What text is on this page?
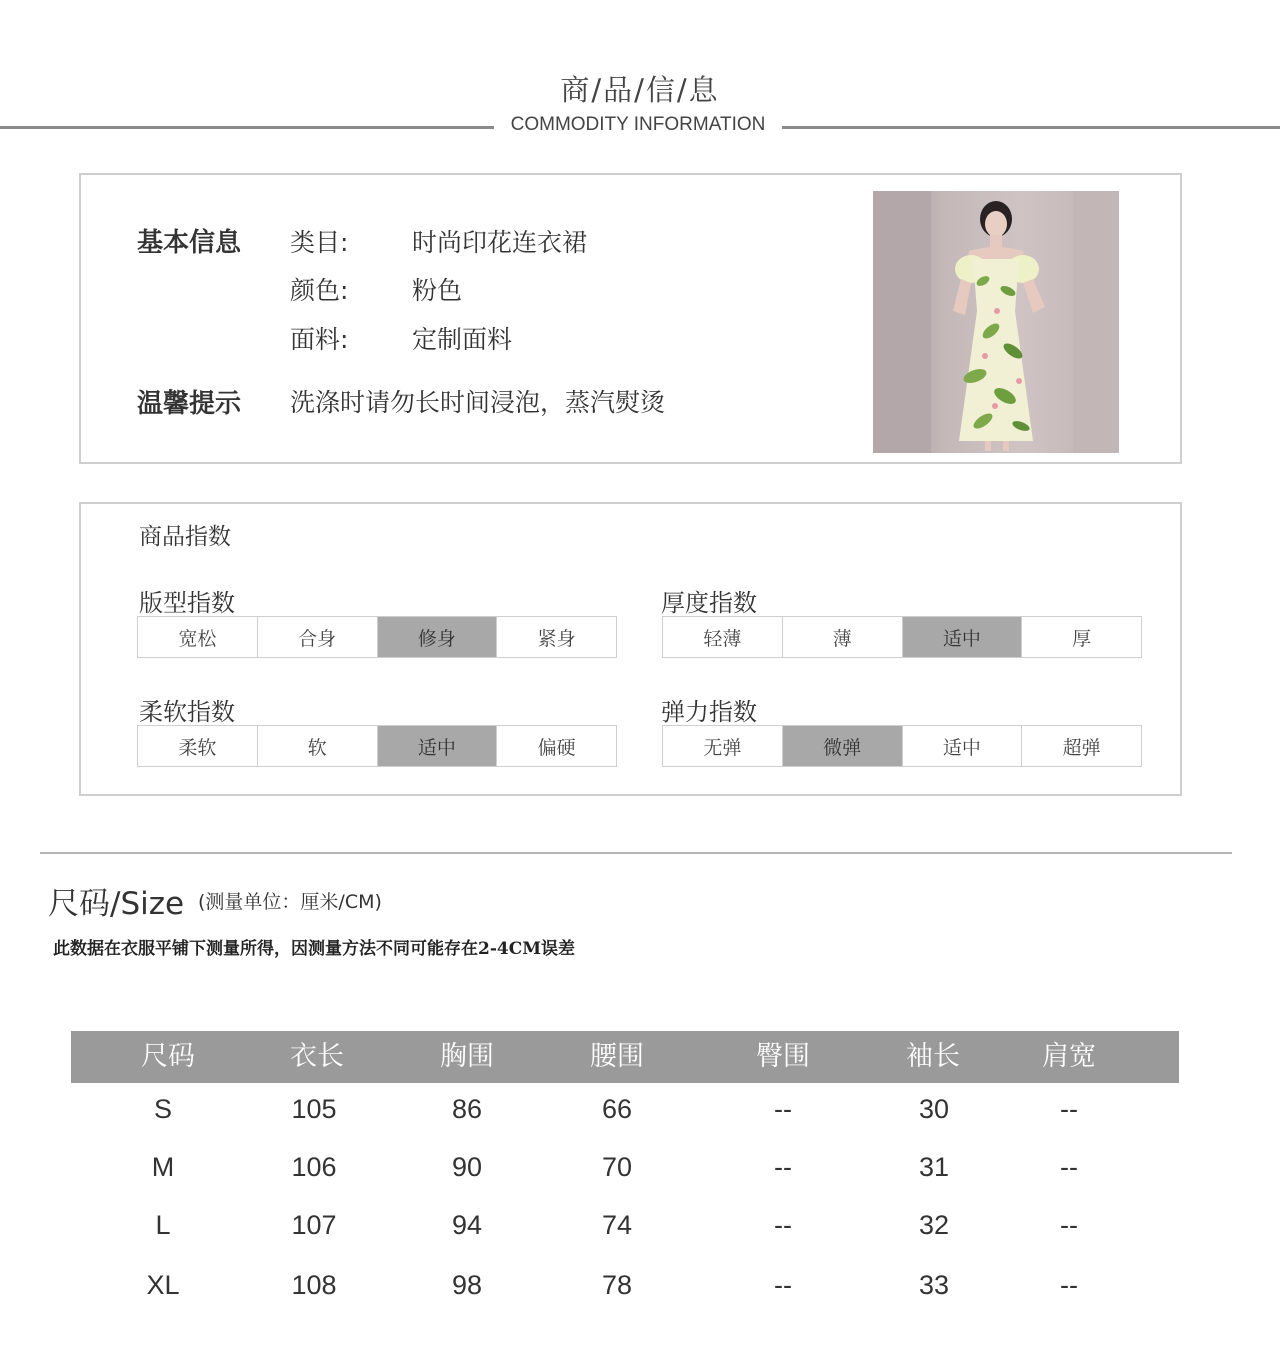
商/品/信/息
COMMODITY INFORMATION
基本信息 类目:	时尚印花连衣裙
颜色:	粉色
面料:	定制面料
温馨提示 洗涤时请勿长时间浸泡，蒸汽熨烫
商品指数
版型指数
宽松	合身	修身	紧身
厚度指数
轻薄	薄	适中	厚
柔软指数
柔软	软	适中	偏硬
弹力指数
无弹	微弹	适中	超弹
尺码/Size (测量单位：厘米/CM)
此数据在衣服平铺下测量所得，因测量方法不同可能存在2-4CM误差
尺码	衣长	胸围	腰围	臀围	袖长	肩宽
S	105	86	66	--	30	--
M	106	90	70	--	31	--
L	107	94	74	--	32	--
XL	108	98	78	--	33	--
